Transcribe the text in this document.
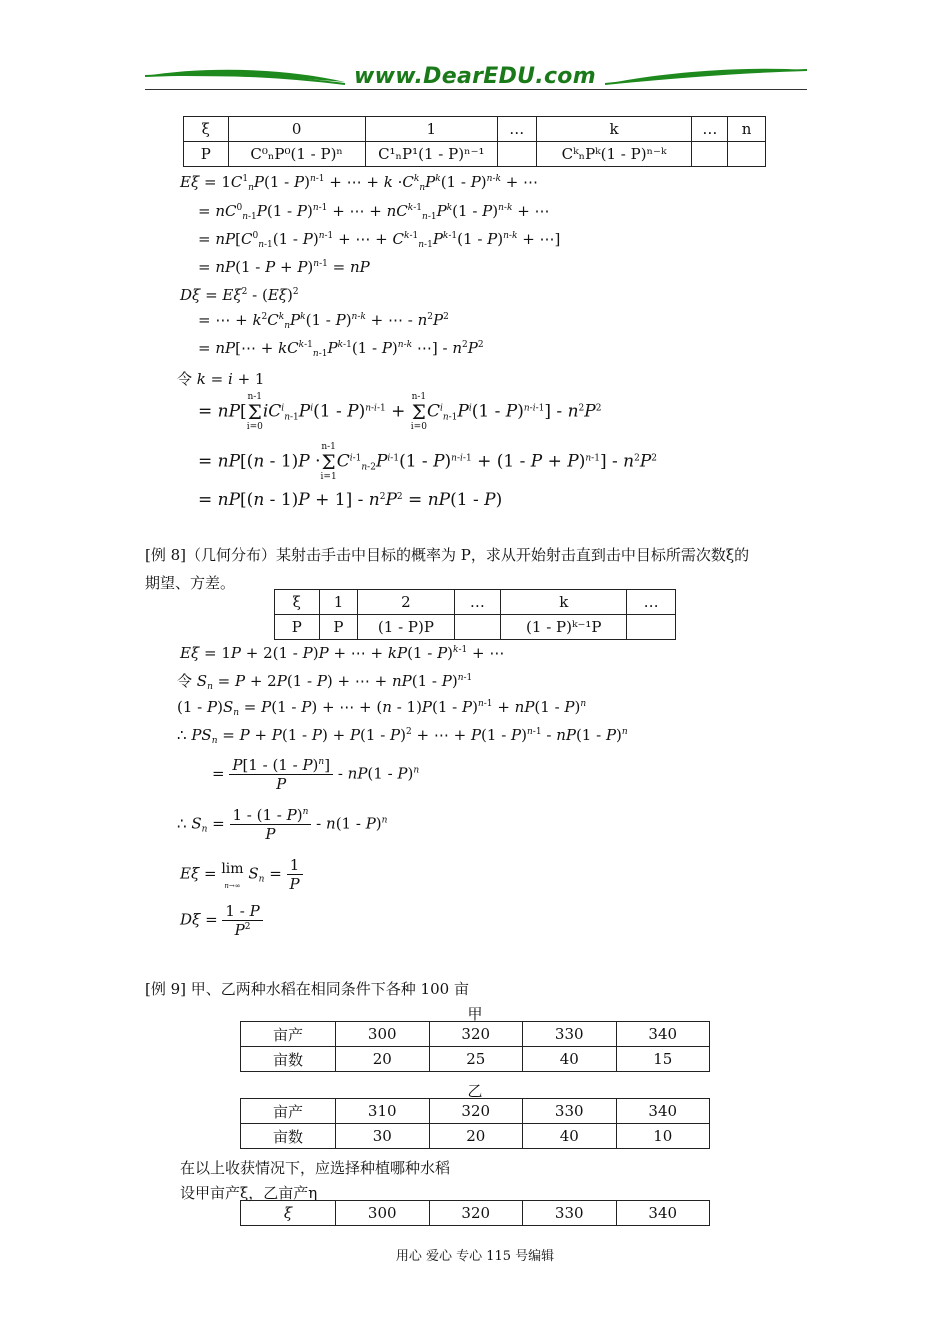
www.DearEDU.com
ξ	0	1	…	k	…	n
P	C⁰ₙP⁰(1 - P)ⁿ	C¹ₙP¹(1 - P)ⁿ⁻¹		CᵏₙPᵏ(1 - P)ⁿ⁻ᵏ		
$E\xi = 1C^1_nP(1 - P)^{n-1}$ + ⋯ + $k \cdot C^k_nP^k(1 - P)^{n-k}$ + ⋯
= $nC^0_{n-1}P(1 - P)^{n-1}$ + ⋯ + $nC^{k-1}_{n-1}P^k(1 - P)^{n-k}$ + ⋯
= $nP[C^0_{n-1}(1 - P)^{n-1}$ + ⋯ + $C^{k-1}_{n-1}P^{k-1}(1 - P)^{n-k}$ + ⋯]
= $nP(1 - P + P)^{n-1}$ = nP
$D\xi = E\xi^2 - (E\xi)^2$
= ⋯ + $k^2C^k_nP^k(1 - P)^{n-k}$ + ⋯ - $n^2P^2$
= nP[⋯ + $kC^{k-1}_{n-1}P^{k-1}(1 - P)^{n-k}$ ⋯] - $n^2P^2$
令 k = i + 1
= nP[n-1
Σ
$i=0iC^i_{n-1}P^i(1 - P)^{n-i-1} + n-1$
Σ
$i=0C^i_{n-1}P^i(1 - P)^{n-i-1}] - n^2P^2$
= nP[(n - 1)P ·n-1
Σ
$i=1C^{i-1}_{n-2}P^{i-1}(1 - P)^{n-i-1} + (1 - P + P)^{n-1}] - n^2P^2$
= $nP[(n - 1)P + 1] - n^2P^2 = nP(1 - P)$
[例 8]（几何分布）某射击手击中目标的概率为 P，求从开始射击直到击中目标所需次数ξ的
期望、方差。
ξ	1	2	…	k	…
P	P	(1 - P)P		(1 - P)ᵏ⁻¹P	
Eξ = 1P + 2(1 - P)P + ⋯ + kP(1 - P)$^{k-1}$ + ⋯
令 $S_n = P + 2P(1 - P)$ + ⋯ + nP(1 - P)$^{n-1}$
$(1 - P)S_n = P(1 - P)$ + ⋯ + (n - 1)P(1 - P)$^{n-1}$ + nP(1 - P)$^n$
∴ $PS_n = P + P(1 - P) + P(1 - P)^2$ + ⋯ + P(1 - P)$^{n-1}$ - nP(1 - P)$^n$
= $\frac{P[1 - (1 - P)^n]}{P} - nP(1 - P)^n$
∴ $S_n = \frac{1 - (1 - P)^n}{P} - n(1 - P)^n$
Eξ = lim
n→∞ $S_n = \frac{1}{P}$
$D\xi = \frac{1 - P}{P^2}$
[例 9] 甲、乙两种水稻在相同条件下各种 100 亩
甲
亩产	300	320	330	340
亩数	20	25	40	15
乙
亩产	310	320	330	340
亩数	30	20	40	10
在以上收获情况下，应选择种植哪种水稻
设甲亩产ξ，乙亩产η
ξ	300	320	330	340
用心 爱心 专心 115 号编辑
